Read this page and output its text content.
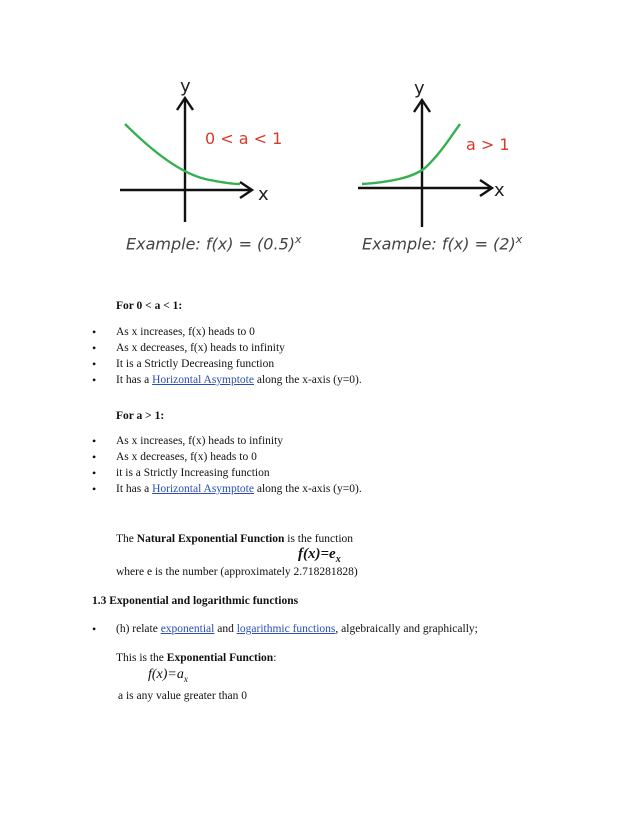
y
x
0 < a < 1
Example: $f(x) = (0.5)^x$
y
x
a > 1
Example: $f(x) = (2)^x$
For 0 < a < 1:
• As x increases, f(x) heads to 0
• As x decreases, f(x) heads to infinity
• It is a Strictly Decreasing function
• It has a Horizontal Asymptote along the x-axis (y=0).
For a > 1:
• As x increases, f(x) heads to infinity
• As x decreases, f(x) heads to 0
• it is a Strictly Increasing function
• It has a Horizontal Asymptote along the x-axis (y=0).
The Natural Exponential Function is the function
$f(x)=e_x$
where e is the number (approximately 2.718281828)
1.3 Exponential and logarithmic functions
• (h) relate exponential and logarithmic functions, algebraically and graphically;
This is the Exponential Function:
$f(x)=a_x$
a is any value greater than 0
